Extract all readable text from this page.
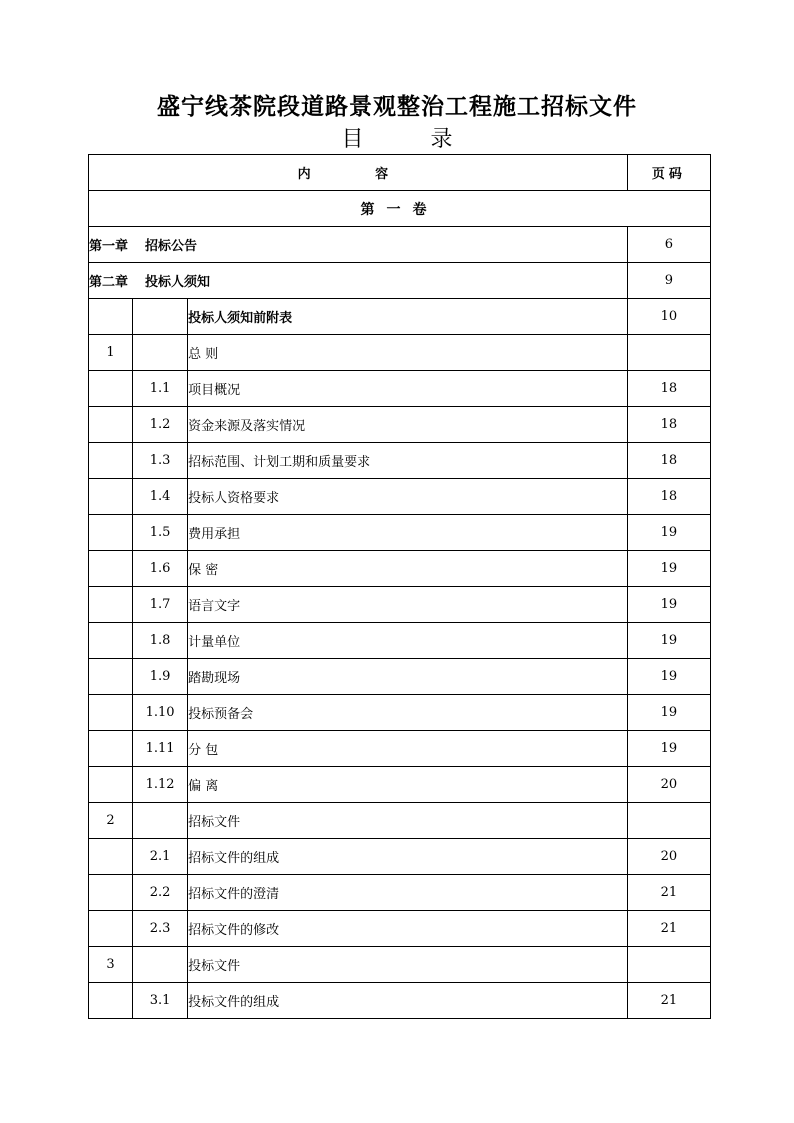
盛宁线茶院段道路景观整治工程施工招标文件
目 录
内 容			页码
第一卷			
第一章 招标公告			6
第二章 投标人须知			9
		投标人须知前附表	10
1		总 则	
	1.1	项目概况	18
	1.2	资金来源及落实情况	18
	1.3	招标范围、计划工期和质量要求	18
	1.4	投标人资格要求	18
	1.5	费用承担	19
	1.6	保 密	19
	1.7	语言文字	19
	1.8	计量单位	19
	1.9	踏勘现场	19
	1.10	投标预备会	19
	1.11	分 包	19
	1.12	偏 离	20
2		招标文件	
	2.1	招标文件的组成	20
	2.2	招标文件的澄清	21
	2.3	招标文件的修改	21
3		投标文件	
	3.1	投标文件的组成	21
